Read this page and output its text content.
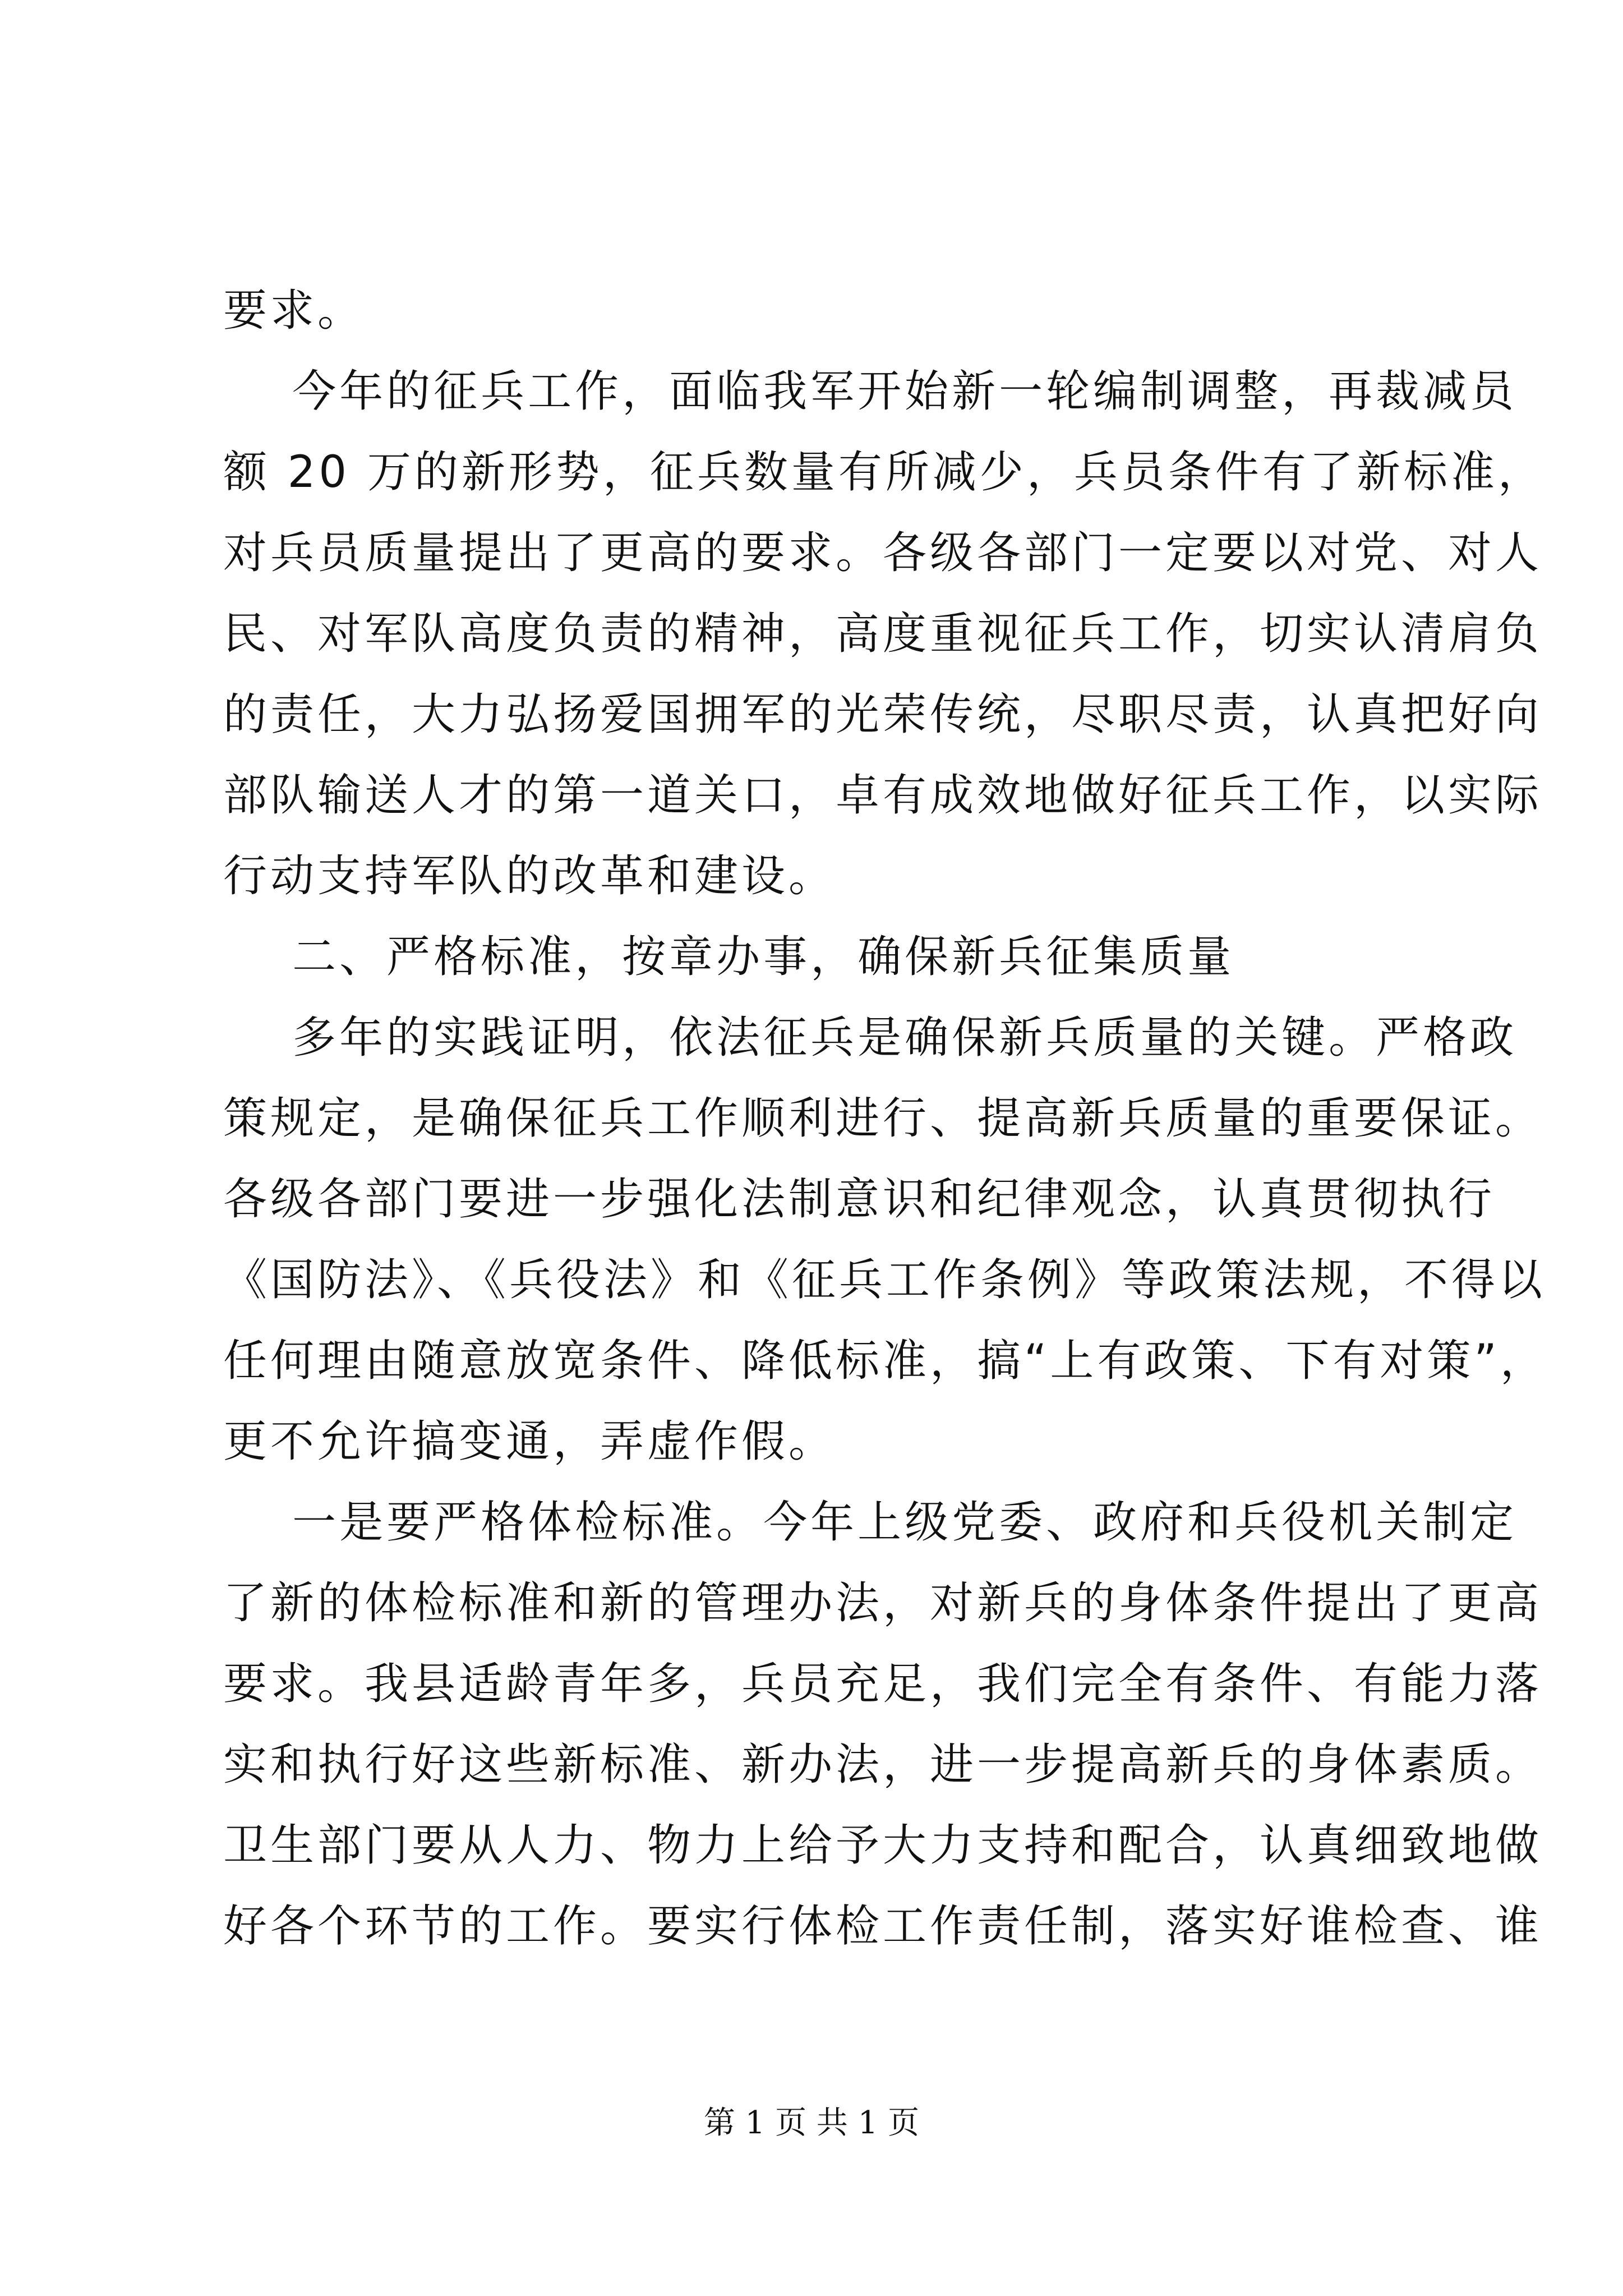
要求。
今年的征兵工作，面临我军开始新一轮编制调整，再裁减员
额 20 万的新形势，征兵数量有所减少，兵员条件有了新标准，
对兵员质量提出了更高的要求。各级各部门一定要以对党、对人
民、对军队高度负责的精神，高度重视征兵工作，切实认清肩负
的责任，大力弘扬爱国拥军的光荣传统，尽职尽责，认真把好向
部队输送人才的第一道关口，卓有成效地做好征兵工作，以实际
行动支持军队的改革和建设。
二、严格标准，按章办事，确保新兵征集质量
多年的实践证明，依法征兵是确保新兵质量的关键。严格政
策规定，是确保征兵工作顺利进行、提高新兵质量的重要保证。
各级各部门要进一步强化法制意识和纪律观念，认真贯彻执行
《国防法》、《兵役法》和《征兵工作条例》等政策法规，不得以
任何理由随意放宽条件、降低标准，搞“上有政策、下有对策”，
更不允许搞变通，弄虚作假。
一是要严格体检标准。今年上级党委、政府和兵役机关制定
了新的体检标准和新的管理办法，对新兵的身体条件提出了更高
要求。我县适龄青年多，兵员充足，我们完全有条件、有能力落
实和执行好这些新标准、新办法，进一步提高新兵的身体素质。
卫生部门要从人力、物力上给予大力支持和配合，认真细致地做
好各个环节的工作。要实行体检工作责任制，落实好谁检查、谁
第 1 页 共 1 页
